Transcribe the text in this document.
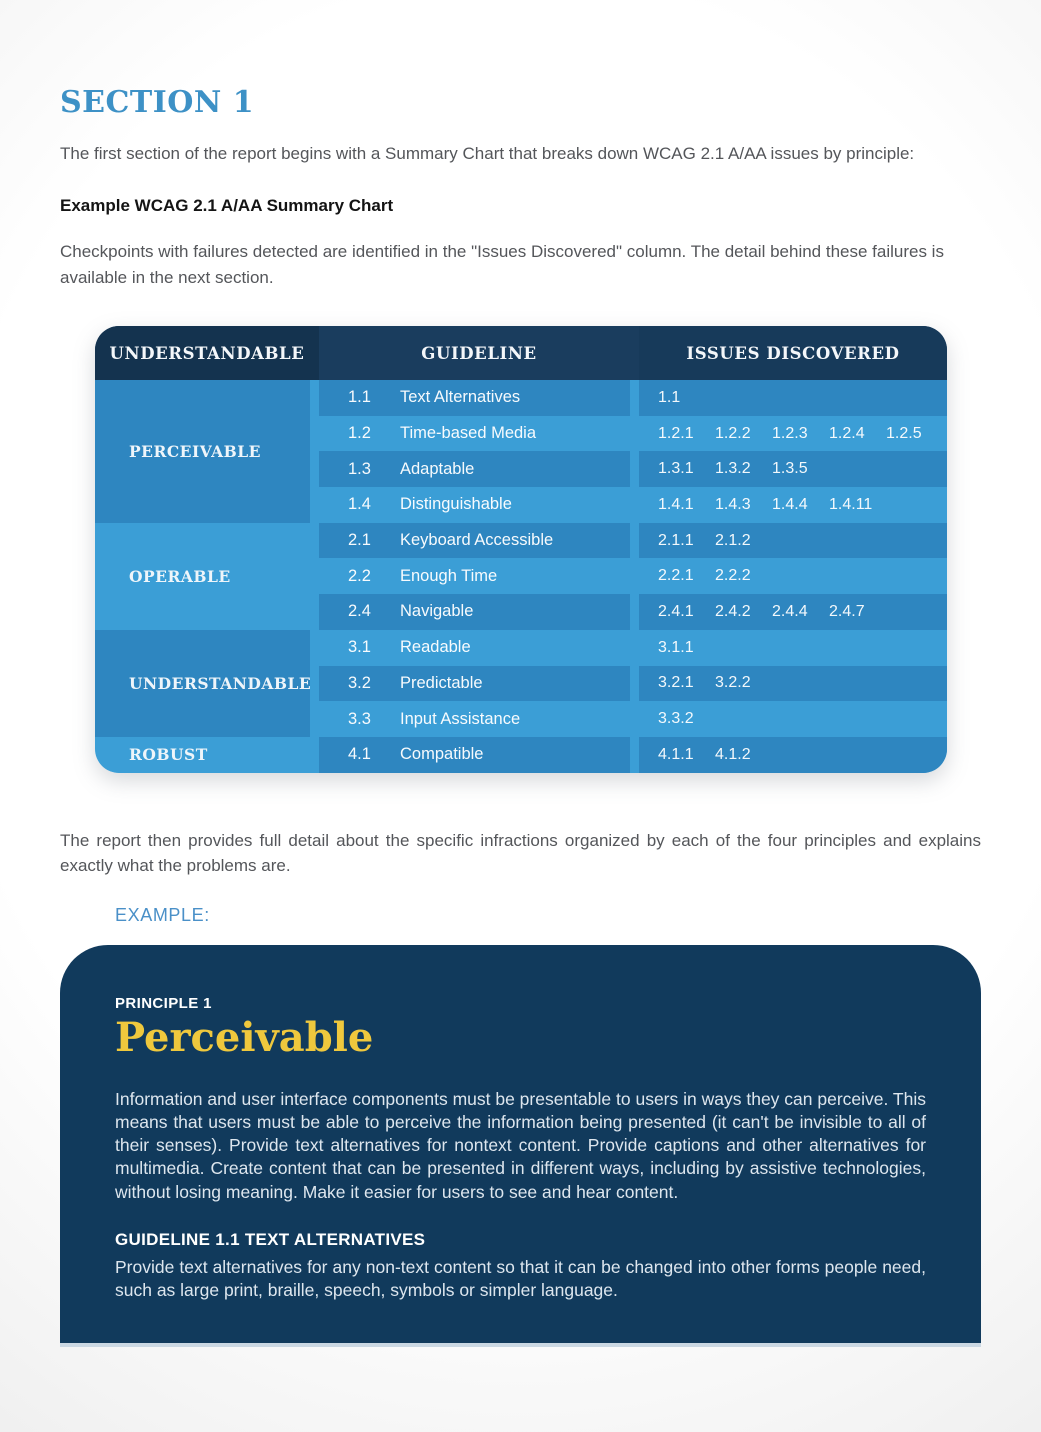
SECTION 1

The first section of the report begins with a Summary Chart that breaks down WCAG 2.1 A/AA issues by principle:

Example WCAG 2.1 A/AA Summary Chart

Checkpoints with failures detected are identified in the "Issues Discovered" column. The detail behind these failures is available in the next section.

UNDERSTANDABLE	GUIDELINE	ISSUES DISCOVERED
PERCEIVABLE
1.1	Text Alternatives	1.1
1.2	Time-based Media	1.2.1	1.2.2	1.2.3	1.2.4	1.2.5
1.3	Adaptable	1.3.1	1.3.2	1.3.5
1.4	Distinguishable	1.4.1	1.4.3	1.4.4	1.4.11
OPERABLE
2.1	Keyboard Accessible	2.1.1	2.1.2
2.2	Enough Time	2.2.1	2.2.2
2.4	Navigable	2.4.1	2.4.2	2.4.4	2.4.7
UNDERSTANDABLE
3.1	Readable	3.1.1
3.2	Predictable	3.2.1	3.2.2
3.3	Input Assistance	3.3.2
ROBUST	4.1	Compatible	4.1.1	4.1.2

The report then provides full detail about the specific infractions organized by each of the four principles and explains exactly what the problems are.

EXAMPLE:
PRINCIPLE 1
Perceivable

Information and user interface components must be presentable to users in ways they can perceive. This means that users must be able to perceive the information being presented (it can't be invisible to all of their senses). Provide text alternatives for nontext content. Provide captions and other alternatives for multimedia. Create content that can be presented in different ways, including by assistive technologies, without losing meaning. Make it easier for users to see and hear content.

GUIDELINE 1.1 TEXT ALTERNATIVES

Provide text alternatives for any non-text content so that it can be changed into other forms people need, such as large print, braille, speech, symbols or simpler language.
